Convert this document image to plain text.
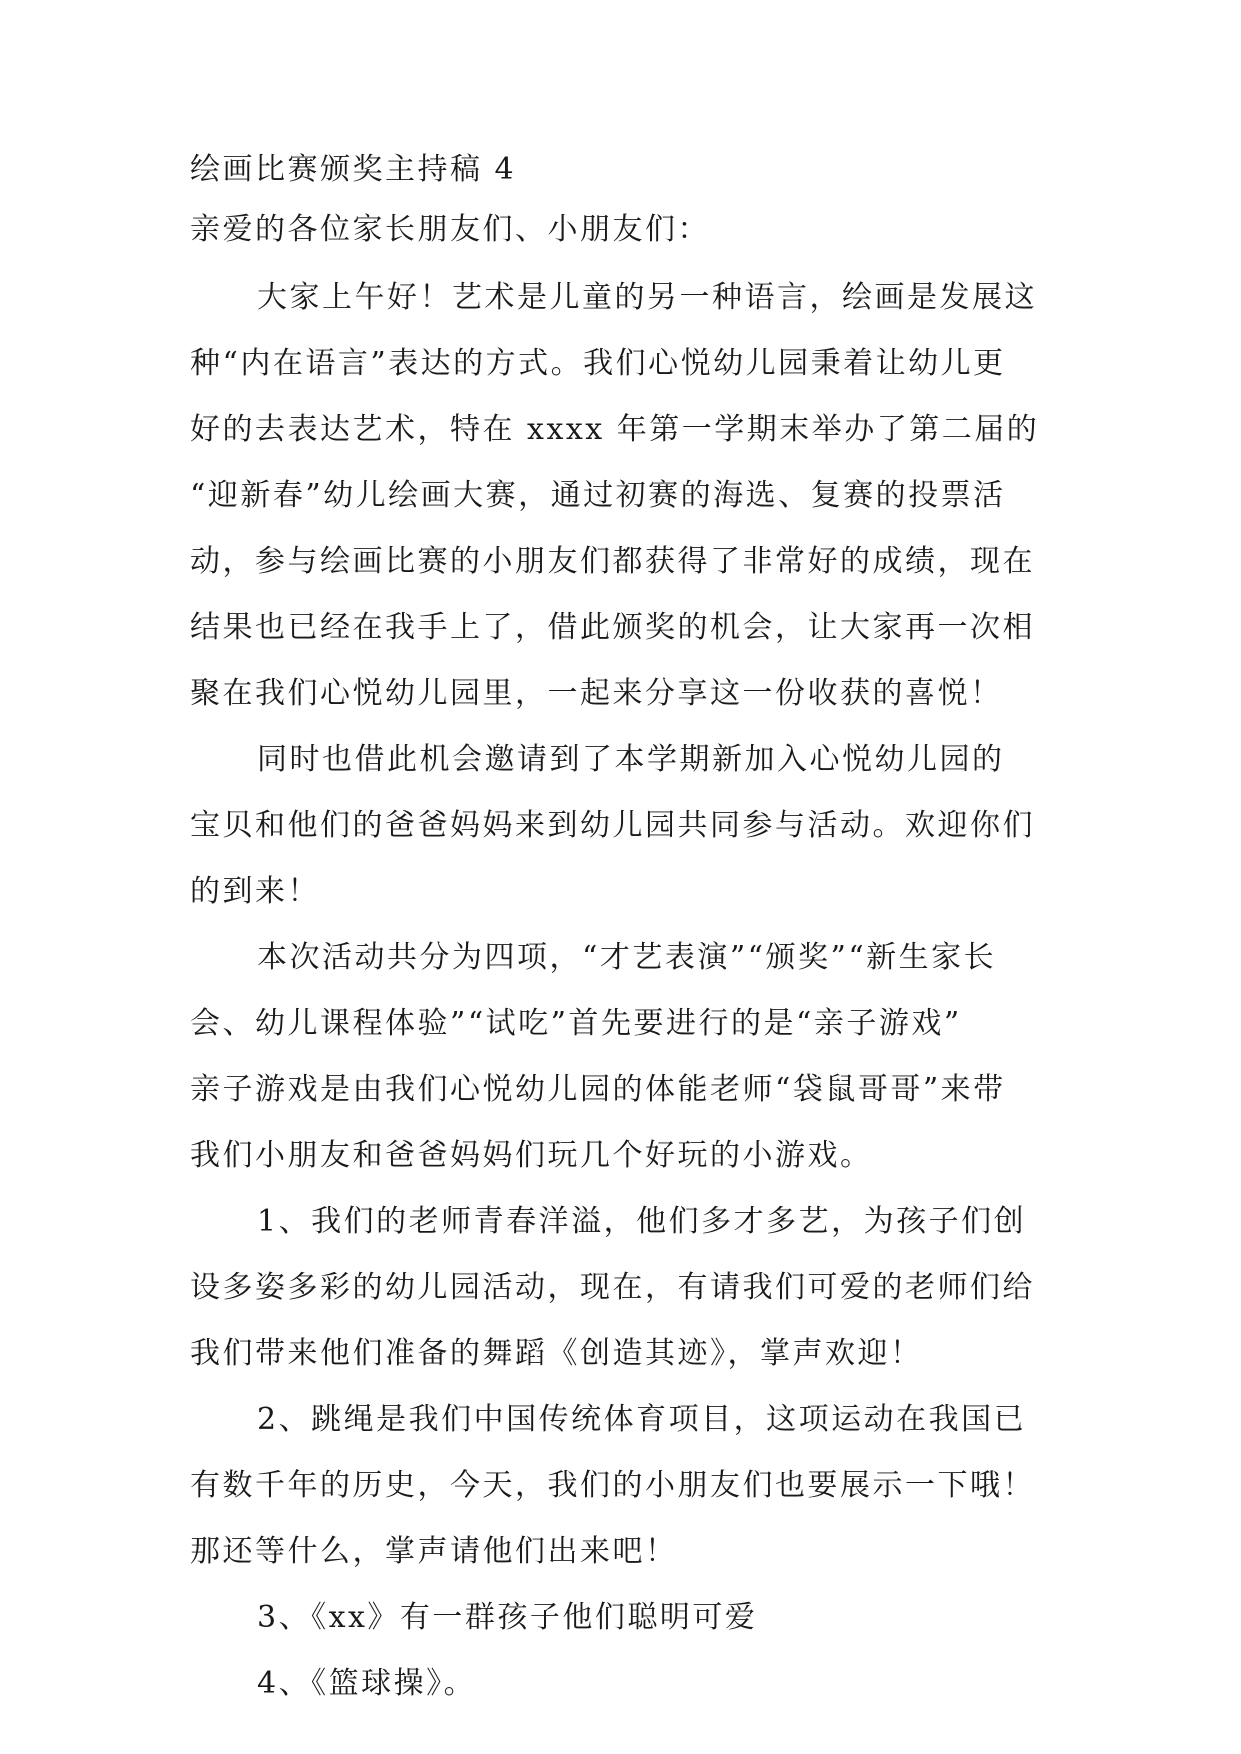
绘画比赛颁奖主持稿 4
亲爱的各位家长朋友们、小朋友们：
大家上午好！艺术是儿童的另一种语言，绘画是发展这
种“内在语言”表达的方式。我们心悦幼儿园秉着让幼儿更
好的去表达艺术，特在 xxxx 年第一学期末举办了第二届的
“迎新春”幼儿绘画大赛，通过初赛的海选、复赛的投票活
动，参与绘画比赛的小朋友们都获得了非常好的成绩，现在
结果也已经在我手上了，借此颁奖的机会，让大家再一次相
聚在我们心悦幼儿园里，一起来分享这一份收获的喜悦！
同时也借此机会邀请到了本学期新加入心悦幼儿园的
宝贝和他们的爸爸妈妈来到幼儿园共同参与活动。欢迎你们
的到来！
本次活动共分为四项，“才艺表演”“颁奖”“新生家长
会、幼儿课程体验”“试吃”首先要进行的是“亲子游戏”
亲子游戏是由我们心悦幼儿园的体能老师“袋鼠哥哥”来带
我们小朋友和爸爸妈妈们玩几个好玩的小游戏。
1、我们的老师青春洋溢，他们多才多艺，为孩子们创
设多姿多彩的幼儿园活动，现在，有请我们可爱的老师们给
我们带来他们准备的舞蹈《创造其迹》，掌声欢迎！
2、跳绳是我们中国传统体育项目，这项运动在我国已
有数千年的历史，今天，我们的小朋友们也要展示一下哦！
那还等什么，掌声请他们出来吧！
3、《xx》有一群孩子他们聪明可爱
4、《篮球操》。
